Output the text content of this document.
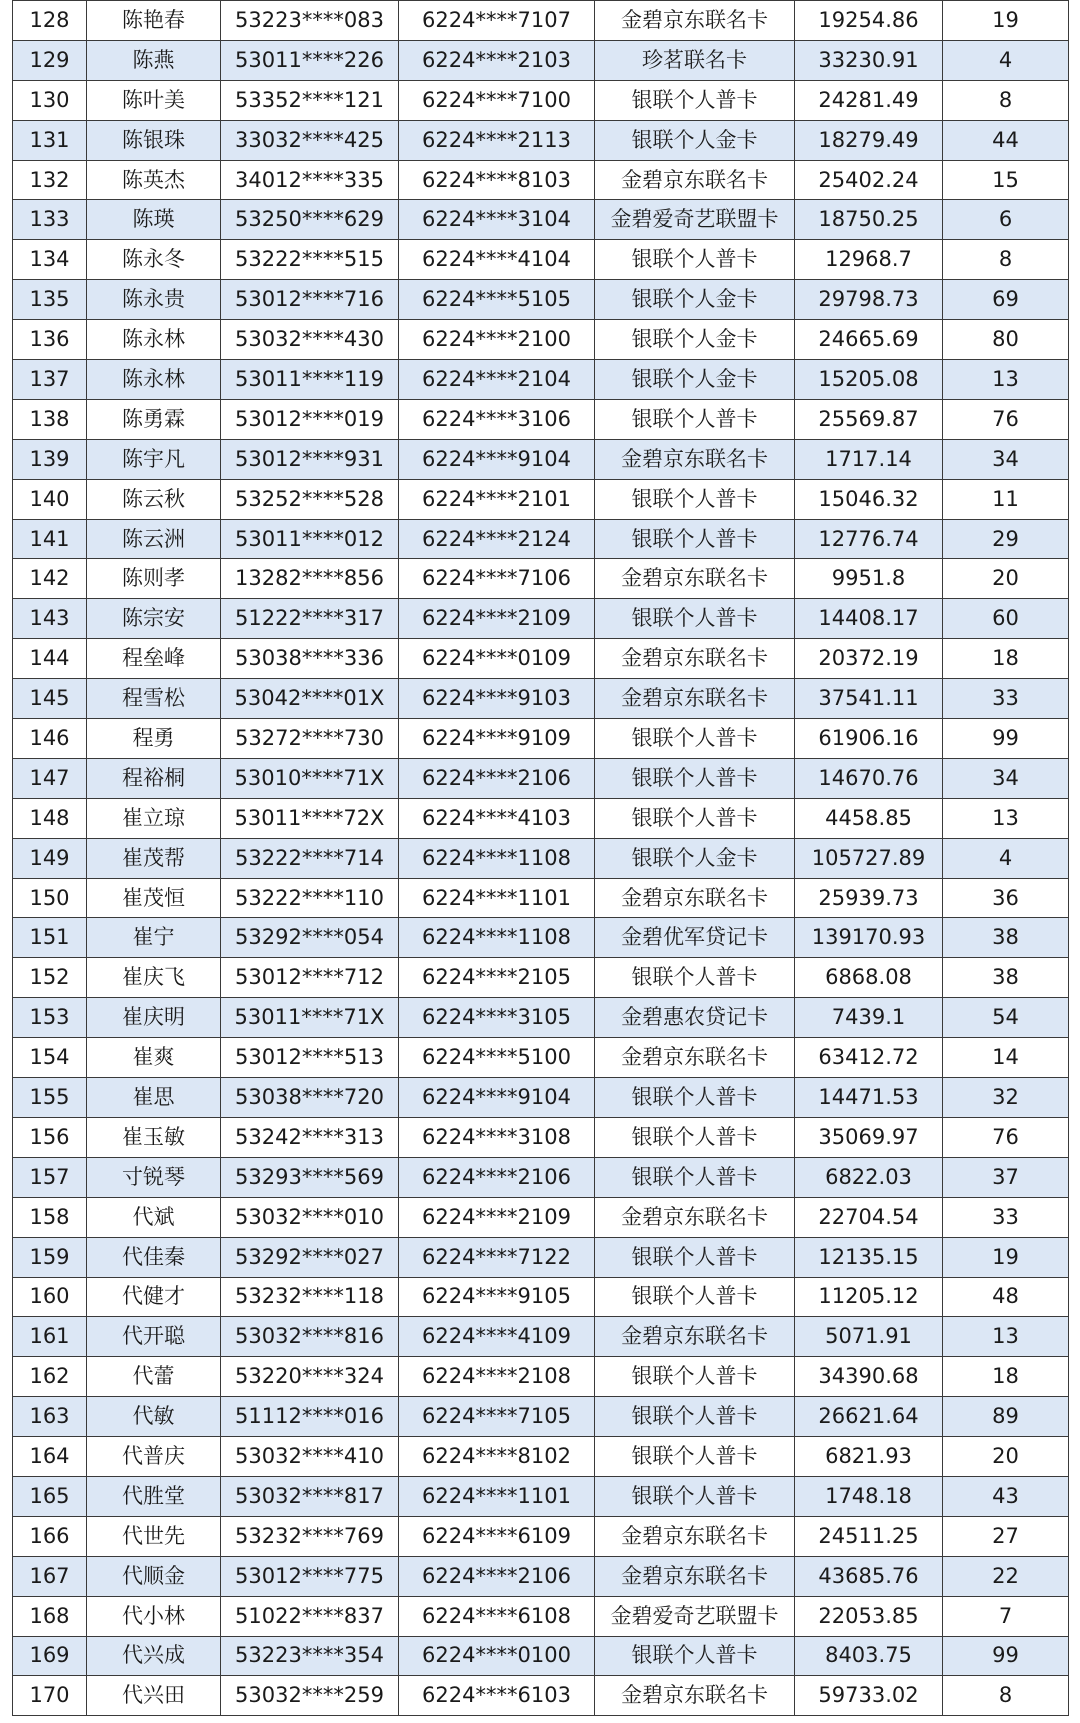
128	陈艳春	53223****083	6224****7107	金碧京东联名卡	19254.86	19
129	陈燕	53011****226	6224****2103	珍茗联名卡	33230.91	4
130	陈叶美	53352****121	6224****7100	银联个人普卡	24281.49	8
131	陈银珠	33032****425	6224****2113	银联个人金卡	18279.49	44
132	陈英杰	34012****335	6224****8103	金碧京东联名卡	25402.24	15
133	陈瑛	53250****629	6224****3104	金碧爱奇艺联盟卡	18750.25	6
134	陈永冬	53222****515	6224****4104	银联个人普卡	12968.7	8
135	陈永贵	53012****716	6224****5105	银联个人金卡	29798.73	69
136	陈永林	53032****430	6224****2100	银联个人金卡	24665.69	80
137	陈永林	53011****119	6224****2104	银联个人金卡	15205.08	13
138	陈勇霖	53012****019	6224****3106	银联个人普卡	25569.87	76
139	陈宇凡	53012****931	6224****9104	金碧京东联名卡	1717.14	34
140	陈云秋	53252****528	6224****2101	银联个人普卡	15046.32	11
141	陈云洲	53011****012	6224****2124	银联个人普卡	12776.74	29
142	陈则孝	13282****856	6224****7106	金碧京东联名卡	9951.8	20
143	陈宗安	51222****317	6224****2109	银联个人普卡	14408.17	60
144	程垒峰	53038****336	6224****0109	金碧京东联名卡	20372.19	18
145	程雪松	53042****01X	6224****9103	金碧京东联名卡	37541.11	33
146	程勇	53272****730	6224****9109	银联个人普卡	61906.16	99
147	程裕桐	53010****71X	6224****2106	银联个人普卡	14670.76	34
148	崔立琼	53011****72X	6224****4103	银联个人普卡	4458.85	13
149	崔茂帮	53222****714	6224****1108	银联个人金卡	105727.89	4
150	崔茂恒	53222****110	6224****1101	金碧京东联名卡	25939.73	36
151	崔宁	53292****054	6224****1108	金碧优军贷记卡	139170.93	38
152	崔庆飞	53012****712	6224****2105	银联个人普卡	6868.08	38
153	崔庆明	53011****71X	6224****3105	金碧惠农贷记卡	7439.1	54
154	崔爽	53012****513	6224****5100	金碧京东联名卡	63412.72	14
155	崔思	53038****720	6224****9104	银联个人普卡	14471.53	32
156	崔玉敏	53242****313	6224****3108	银联个人普卡	35069.97	76
157	寸锐琴	53293****569	6224****2106	银联个人普卡	6822.03	37
158	代斌	53032****010	6224****2109	金碧京东联名卡	22704.54	33
159	代佳秦	53292****027	6224****7122	银联个人普卡	12135.15	19
160	代健才	53232****118	6224****9105	银联个人普卡	11205.12	48
161	代开聪	53032****816	6224****4109	金碧京东联名卡	5071.91	13
162	代蕾	53220****324	6224****2108	银联个人普卡	34390.68	18
163	代敏	51112****016	6224****7105	银联个人普卡	26621.64	89
164	代普庆	53032****410	6224****8102	银联个人普卡	6821.93	20
165	代胜堂	53032****817	6224****1101	银联个人普卡	1748.18	43
166	代世先	53232****769	6224****6109	金碧京东联名卡	24511.25	27
167	代顺金	53012****775	6224****2106	金碧京东联名卡	43685.76	22
168	代小林	51022****837	6224****6108	金碧爱奇艺联盟卡	22053.85	7
169	代兴成	53223****354	6224****0100	银联个人普卡	8403.75	99
170	代兴田	53032****259	6224****6103	金碧京东联名卡	59733.02	8
